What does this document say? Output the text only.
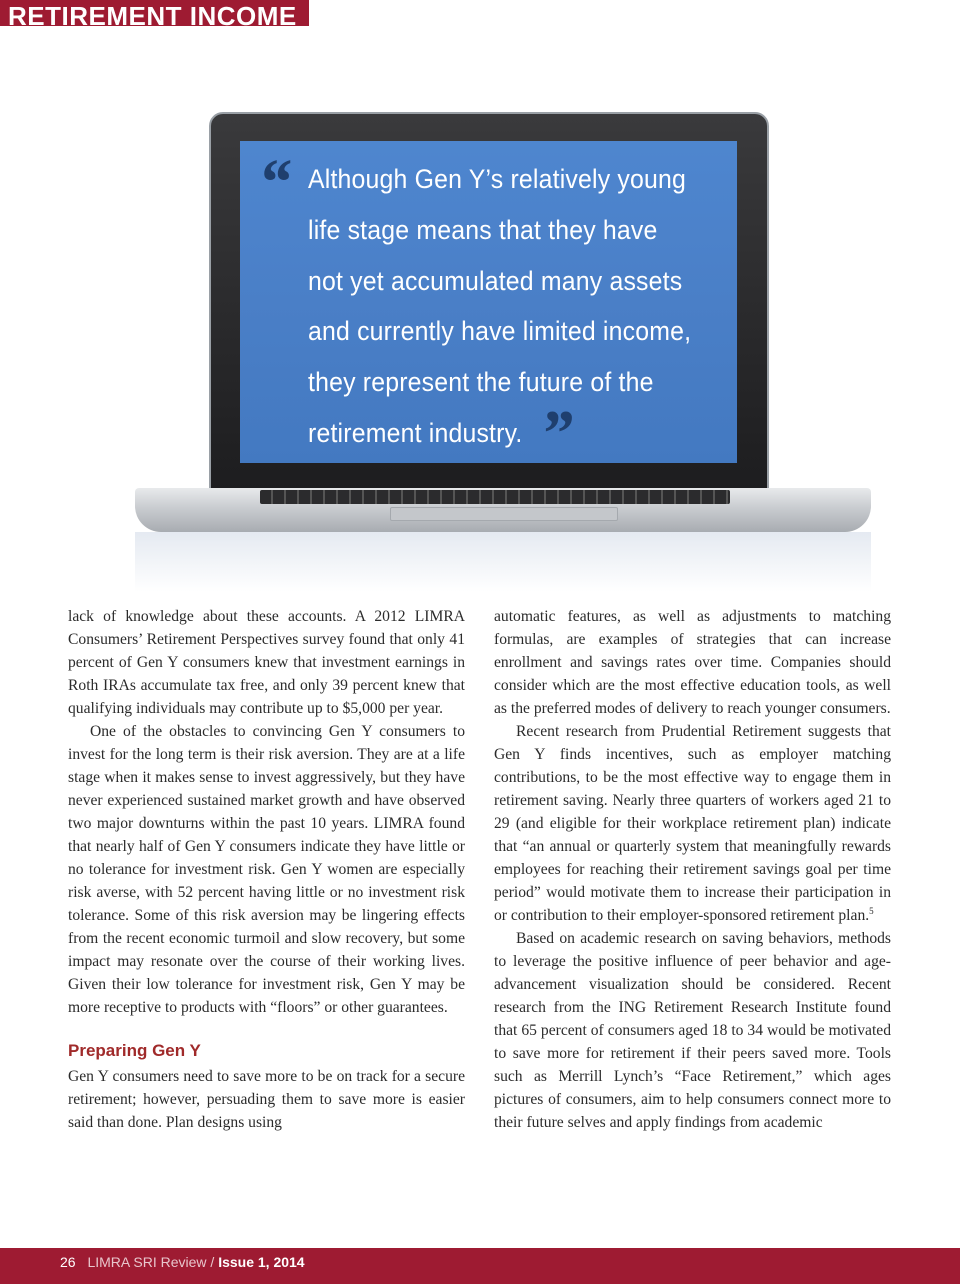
RETIREMENT INCOME
“ Although Gen Y’s relatively young
life stage means that they have
not yet accumulated many assets
and currently have limited income,
they represent the future of the
retirement industry. ”

lack of knowledge about these accounts. A 2012 LIMRA Consumers’ Retirement Perspectives survey found that only 41 percent of Gen Y consumers knew that investment earnings in Roth IRAs accumulate tax free, and only 39 percent knew that qualifying individuals may contribute up to $5,000 per year.

One of the obstacles to convincing Gen Y consumers to invest for the long term is their risk aversion. They are at a life stage when it makes sense to invest aggressively, but they have never experienced sustained market growth and have observed two major downturns within the past 10 years. LIMRA found that nearly half of Gen Y consumers indicate they have little or no tolerance for investment risk. Gen Y women are especially risk averse, with 52 percent having little or no investment risk tolerance. Some of this risk aversion may be lingering effects from the recent economic turmoil and slow recovery, but some impact may resonate over the course of their working lives. Given their low tolerance for investment risk, Gen Y may be more receptive to products with “floors” or other guarantees.

Preparing Gen Y

Gen Y consumers need to save more to be on track for a secure retirement; however, persuading them to save more is easier said than done. Plan designs using

automatic features, as well as adjustments to matching formulas, are examples of strategies that can increase enrollment and savings rates over time. Companies should consider which are the most effective education tools, as well as the preferred modes of delivery to reach younger consumers.

Recent research from Prudential Retirement suggests that Gen Y finds incentives, such as employer matching contributions, to be the most effective way to engage them in retirement saving. Nearly three quarters of workers aged 21 to 29 (and eligible for their workplace retirement plan) indicate that “an annual or quarterly system that meaningfully rewards employees for reaching their retirement savings goal per time period” would motivate them to increase their participation in or contribution to their employer-sponsored retirement plan.$^5$

Based on academic research on saving behaviors, methods to leverage the positive influence of peer behavior and age-advancement visualization should be considered. Recent research from the ING Retirement Research Institute found that 65 percent of consumers aged 18 to 34 would be motivated to save more for retirement if their peers saved more. Tools such as Merrill Lynch’s “Face Retirement,” which ages pictures of consumers, aim to help consumers connect more to their future selves and apply findings from academic

26 LIMRA SRI Review / Issue 1, 2014
